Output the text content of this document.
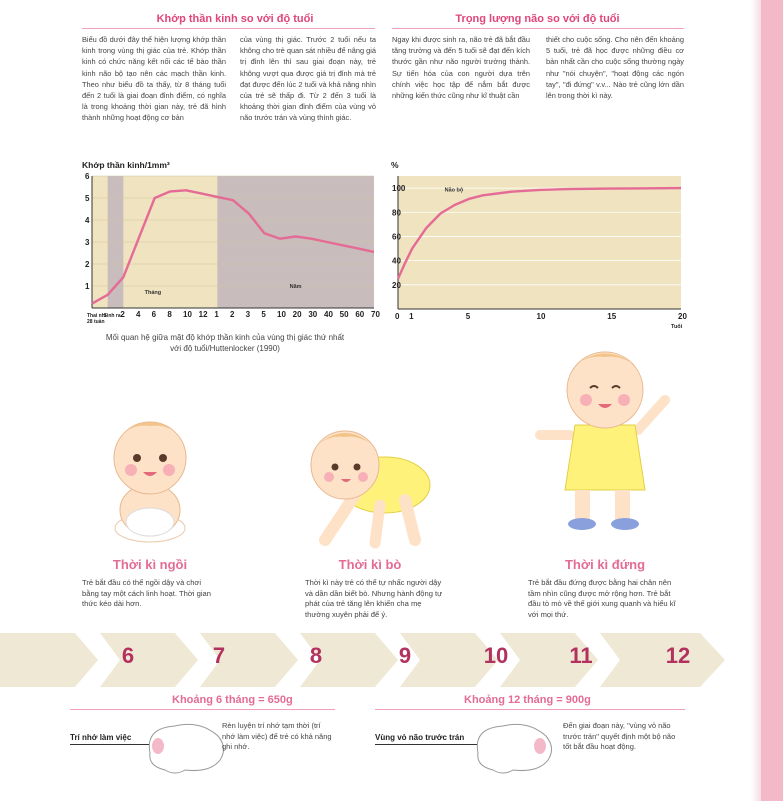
Khớp thần kinh so với độ tuổi
Biểu đồ dưới đây thể hiện lượng khớp thần kinh trong vùng thị giác của trẻ. Khớp thần kinh có chức năng kết nối các tế bào thần kinh não bộ tạo nên các mạch thần kinh. Theo như biểu đồ ta thấy, từ 8 tháng tuổi đến 2 tuổi là giai đoạn đỉnh điểm, có nghĩa là trong khoảng thời gian này, trẻ đã hình thành những hoạt động cơ bản
của vùng thị giác. Trước 2 tuổi nếu ta không cho trẻ quan sát nhiều để nâng giá trị đỉnh lên thì sau giai đoạn này, trẻ không vượt qua được giá trị đỉnh mà trẻ đạt được đến lúc 2 tuổi và khả năng nhìn của trẻ sẽ thấp đi. Từ 2 đến 3 tuổi là khoảng thời gian đỉnh điểm của vùng vỏ não trước trán và vùng thính giác.
Trọng lượng não so với độ tuổi
Ngay khi được sinh ra, não trẻ đã bắt đầu tăng trưởng và đến 5 tuổi sẽ đạt đến kích thước gần như não người trưởng thành. Sự tiến hóa của con người dựa trên chính việc học tập để nắm bắt được những kiến thức cũng như kĩ thuật cần
thiết cho cuộc sống. Cho nên đến khoảng 5 tuổi, trẻ đã học được những điều cơ bản nhất cần cho cuộc sống thường ngày như "nói chuyện", "hoạt động các ngón tay", "đi đứng" v.v... Nào trẻ cũng lớn dần lên trong thời kì này.
Khớp thần kinh/1mm³
1
2
3
4
5
6
Thai nhi
28 tuần
Sinh ra 2 4 6 8 10 12 1 2 3 5 10 20 30 40 50 60 70
Tháng
Năm
Mối quan hệ giữa mật độ khớp thần kinh của vùng thị giác thứ nhất với độ tuổi/Huttenlocker (1990)
%
20
40
60
80
100
0 1	5	10	15	20
Tuổi
Não bộ
Thời kì ngồi
Trẻ bắt đầu có thể ngồi dậy và chơi bằng tay một cách linh hoạt. Thời gian thức kéo dài hơn.
Thời kì bò
Thời kì này trẻ có thể tự nhấc người dậy và dần dần biết bò. Nhưng hành động tự phát của trẻ tăng lên khiến cha mẹ thường xuyên phải để ý.
Thời kì đứng
Trẻ bắt đầu đứng được bằng hai chân nên tầm nhìn cũng được mở rộng hơn. Trẻ bắt đầu tò mò về thế giới xung quanh và hiểu kĩ với mọi thứ.
6	7	8	9	10	11	12
Khoảng 6 tháng = 650g	Khoảng 12 tháng = 900g
Trí nhớ làm việc
Rèn luyện trí nhớ tạm thời (trí nhớ làm việc) để trẻ có khả năng ghi nhớ.
Vùng vỏ não trước trán
Đến giai đoạn này, "vùng vỏ não trước trán" quyết định một bộ não tốt bắt đầu hoạt động.
